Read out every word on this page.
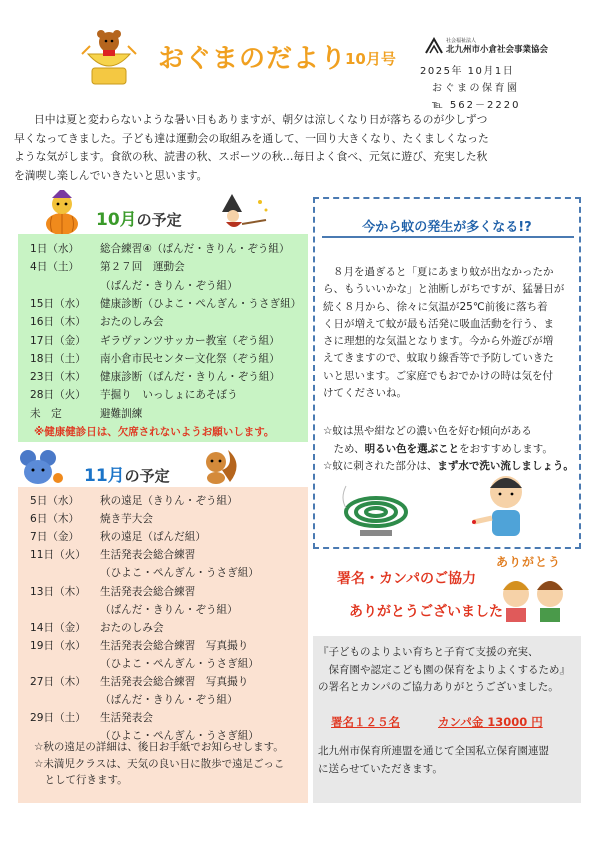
おぐまのだより
10月号
社会福祉法人
北九州市小倉社会事業協会
2025年 10月1日
おぐまの保育園
℡ 562－2220

日中は夏と変わらないような暑い日もありますが、朝夕は涼しくなり日が落ちるのが少しずつ

早くなってきました。子ども達は運動会の取組みを通して、一回り大きくなり、たくましくなった

ような気がします。食欲の秋、読書の秋、スポーツの秋…毎日よく食べ、元気に遊び、充実した秋

を満喫し楽しんでいきたいと思います。

10月の予定
1日（水） 総合練習④（ぱんだ・きりん・ぞう組）
4日（土） 第２７回　運動会
（ぱんだ・きりん・ぞう組）
15日（水） 健康診断（ひよこ・ぺんぎん・うさぎ組）
16日（木） おたのしみ会
17日（金） ギラヴァンツサッカー教室（ぞう組）
18日（土） 南小倉市民センター文化祭（ぞう組）
23日（木） 健康診断（ぱんだ・きりん・ぞう組）
28日（火） 芋掘り　いっしょにあそぼう
未　定	避難訓練
※健康健診日は、欠席されないようお願いします。
11月の予定
5日（水） 秋の遠足（きりん・ぞう組）
6日（木） 焼き芋大会
7日（金） 秋の遠足（ぱんだ組）
11日（火） 生活発表会総合練習
（ひよこ・ぺんぎん・うさぎ組）
13日（木） 生活発表会総合練習
（ぱんだ・きりん・ぞう組）
14日（金） おたのしみ会
19日（水） 生活発表会総合練習　写真撮り
（ひよこ・ぺんぎん・うさぎ組）
27日（木） 生活発表会総合練習　写真撮り
（ぱんだ・きりん・ぞう組）
29日（土） 生活発表会
（ひよこ・ぺんぎん・うさぎ組）
☆秋の遠足の詳細は、後日お手紙でお知らせします。
☆未満児クラスは、天気の良い日に散歩で遠足ごっこ
　として行きます。
今から蚊の発生が多くなる!?

８月を過ぎると「夏にあまり蚊が出なかったか

ら、もういいかな」と油断しがちですが、猛暑日が

続く８月から、徐々に気温が25℃前後に落ち着

く日が増えて蚊が最も活発に吸血活動を行う、ま

さに理想的な気温となります。今から外遊びが増

えてきますので、蚊取り線香等で予防していきた

いと思います。ご家庭でもおでかけの時は気を付

けてくださいね。

☆蚊は黒や紺などの濃い色を好む傾向がある

　ため、明るい色を選ぶことをおすすめします。

☆蚊に刺された部分は、まず水で洗い流しましょう。

ありがとう
署名・カンパのご協力
ありがとうございました

『子どものよりよい育ちと子育て支援の充実、

　保育園や認定こども園の保育をよりよくするため』

の署名とカンパのご協力ありがとうございました。

署名１２５名	カンパ金 13000 円

北九州市保育所連盟を通じて全国私立保育園連盟

に送らせていただきます。
